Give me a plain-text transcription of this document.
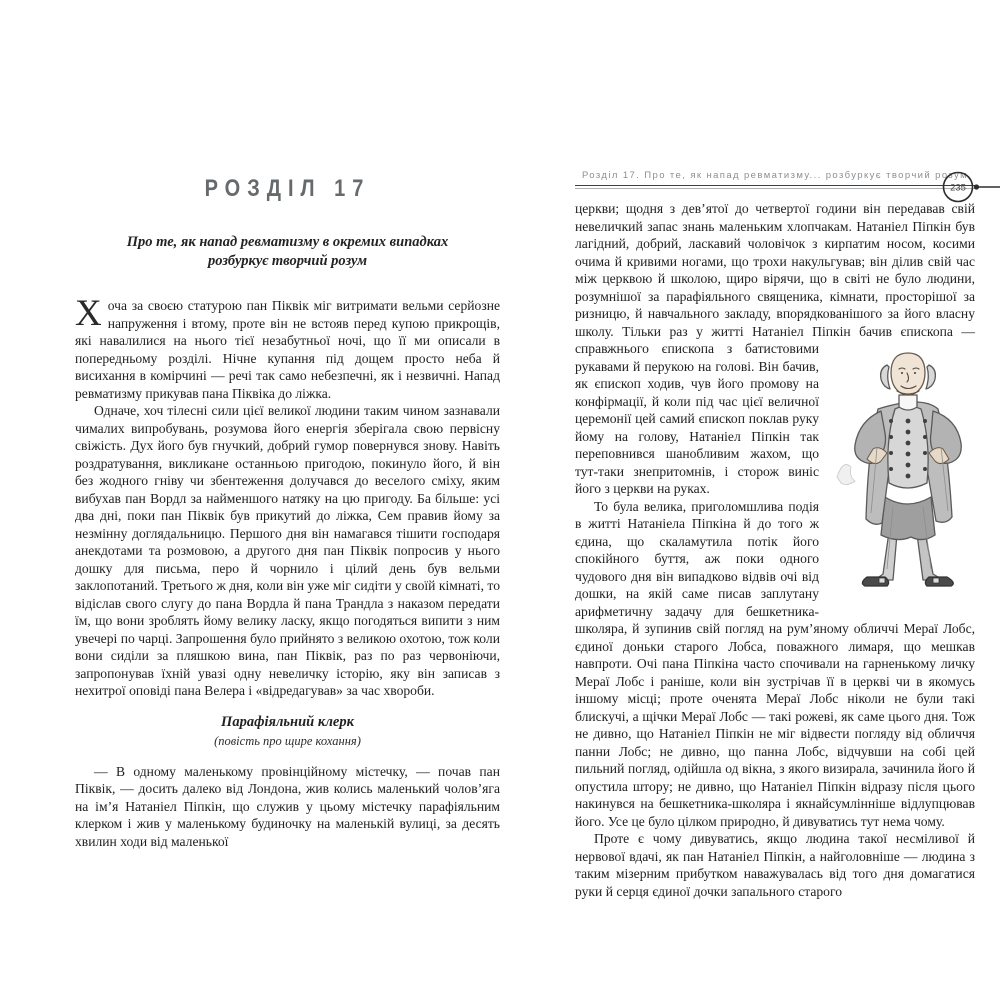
РОЗДІЛ 17
Про те, як напад ревматизму в окремих випадках
розбуркує творчий розум

Хоча за своєю статурою пан Піквік міг витримати вельми серйозне напруження і втому, проте він не встояв перед купою прикрощів, які навалилися на нього тієї незабутньої ночі, що її ми описали в попередньому розділі. Нічне купання під дощем просто неба й висихання в комірчині — речі так само небезпечні, як і незвичні. Напад ревматизму прикував пана Піквіка до ліжка.

Одначе, хоч тілесні сили цієї великої людини таким чином зазнавали чималих випробувань, розумова його енергія зберігала свою первісну свіжість. Дух його був гнучкий, добрий гумор повернувся знову. Навіть роздратування, викликане останньою пригодою, покинуло його, й він без жодного гніву чи збентеження долучався до веселого сміху, яким вибухав пан Вордл за найменшого натяку на цю пригоду. Ба більше: усі два дні, поки пан Піквік був прикутий до ліжка, Сем правив йому за незмінну доглядальницю. Першого дня він намагався тішити господаря анекдотами та розмовою, а другого дня пан Піквік попросив у нього дошку для письма, перо й чорнило і цілий день був вельми заклопотаний. Третього ж дня, коли він уже міг сидіти у своїй кімнаті, то відіслав свого слугу до пана Вордла й пана Трандла з наказом передати їм, що вони зроблять йому велику ласку, якщо погодяться випити з ним увечері по чарці. Запрошення було прийнято з великою охотою, тож коли вони сиділи за пляшкою вина, пан Піквік, раз по раз червоніючи, запропонував їхній увазі одну невеличку історію, яку він записав з нехитрої оповіді пана Велера і «відредагував» за час хвороби.

Парафіяльний клерк
(повість про щире кохання)

— В одному маленькому провінційному містечку, — почав пан Піквік, — досить далеко від Лондона, жив колись маленький чоловʼяга на імʼя Натаніел Піпкін, що служив у цьому містечку парафіяльним клерком і жив у маленькому будиночку на маленькій вулиці, за десять хвилин ходи від маленької

Розділ 17. Про те, як напад ревматизму... розбуркує творчий розум

церкви; щодня з девʼятої до четвертої години він передавав свій невеличкий запас знань маленьким хлопчакам. Натаніел Піпкін був лагідний, добрий, ласкавий чоловічок з кирпатим носом, косими очима й кривими ногами, що трохи накульгував; він ділив свій час між церквою й школою, щиро вірячи, що в світі не було людини, розумнішої за парафіяльного священика, кімнати, просторішої за ризницю, й навчального закладу, впорядкованішого за його власну школу. Тільки раз у житті Натаніел Піпкін бачив єпископа — справжнього єпископа з батистовими рукавами й перукою на голові. Він бачив, як єпископ ходив, чув його промову на конфірмації, й коли під час цієї величної церемонії цей самий єпископ поклав руку йому на голову, Натаніел Піпкін так переповнився шанобливим жахом, що тут-таки знепритомнів, і сторож виніс його з церкви на руках.

То була велика, приголомшлива подія в житті Натаніела Піпкіна й до того ж єдина, що скаламутила потік його спокійного буття, аж поки одного чудового дня він випадково відвів очі від дошки, на якій саме писав заплутану арифметичну задачу для бешкетника-школяра, й зупинив свій погляд на румʼяному обличчі Мераї Лобс, єдиної доньки старого Лобса, поважного лимаря, що мешкав навпроти. Очі пана Піпкіна часто спочивали на гарненькому личку Мераї Лобс і раніше, коли він зустрічав її в церкві чи в якомусь іншому місці; проте оченята Мераї Лобс ніколи не були такі блискучі, а щічки Мераї Лобс — такі рожеві, як саме цього дня. Тож не дивно, що Натаніел Піпкін не міг відвести погляду від обличчя панни Лобс; не дивно, що панна Лобс, відчувши на собі цей пильний погляд, одійшла од вікна, з якого визирала, зачинила його й опустила штору; не дивно, що Натаніел Піпкін відразу після цього накинувся на бешкетника-школяра і якнайсумлінніше відлупцював його. Усе це було цілком природно, й дивуватись тут нема чому.

Проте є чому дивуватись, якщо людина такої несміливої й нервової вдачі, як пан Натаніел Піпкін, а найголовніше — людина з таким мізерним прибутком наважувалась від того дня домагатися руки й серця єдиної дочки запального старого

235
